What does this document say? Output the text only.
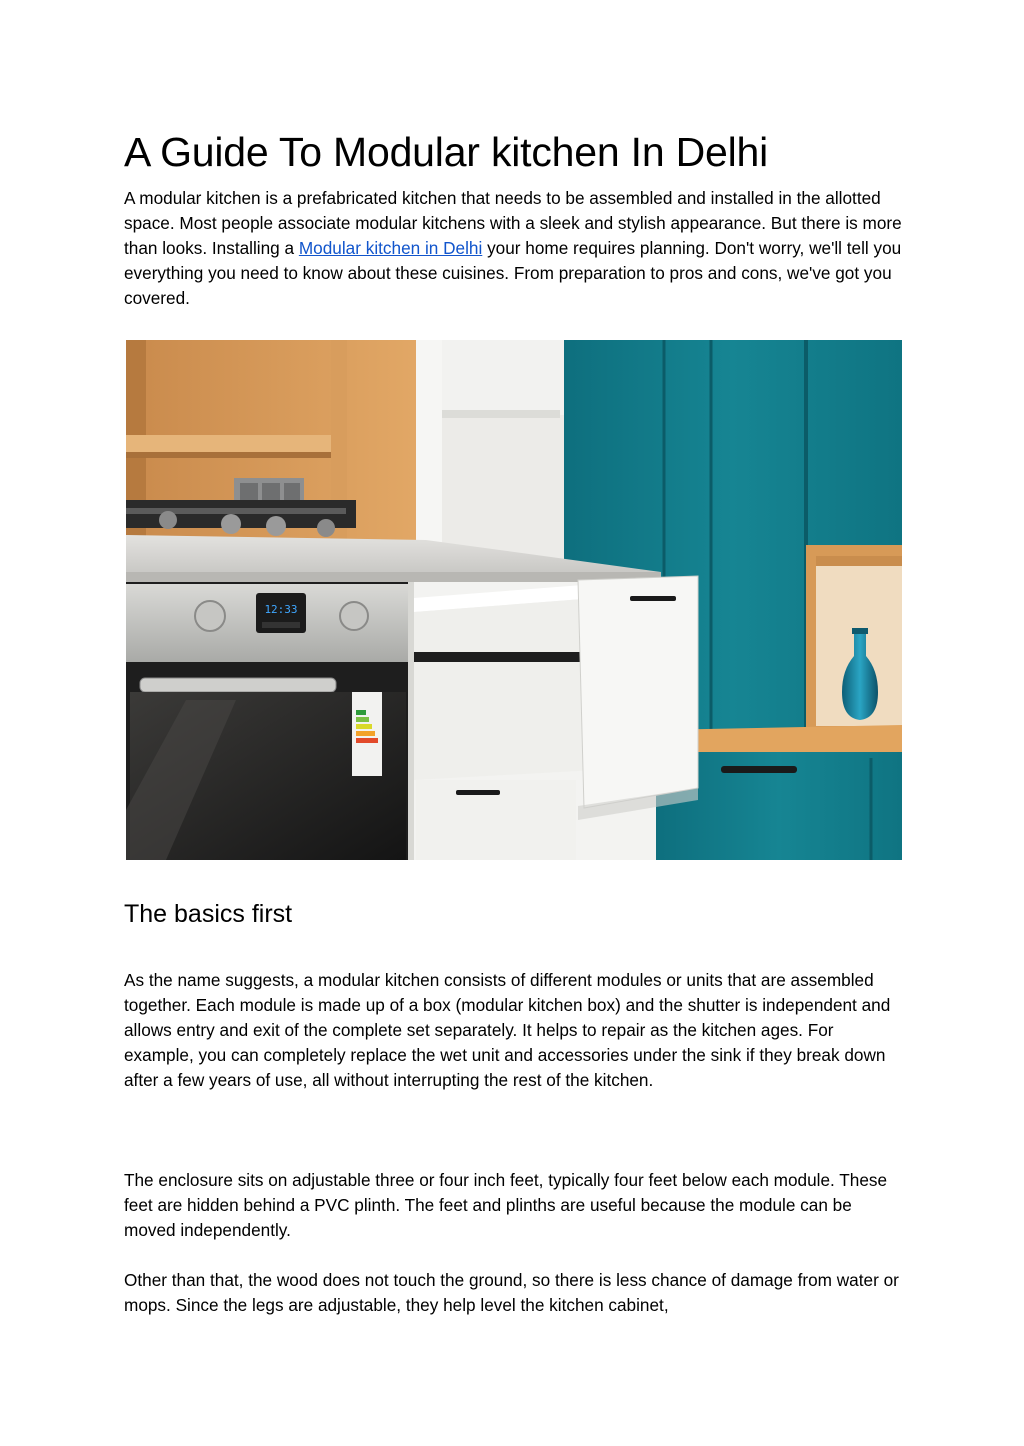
A Guide To Modular kitchen In Delhi

A modular kitchen is a prefabricated kitchen that needs to be assembled and installed in the allotted space. Most people associate modular kitchens with a sleek and stylish appearance. But there is more than looks. Installing a Modular kitchen in Delhi your home requires planning. Don't worry, we'll tell you everything you need to know about these cuisines. From preparation to pros and cons, we've got you covered.

12:33
The basics first

As the name suggests, a modular kitchen consists of different modules or units that are assembled together. Each module is made up of a box (modular kitchen box) and the shutter is independent and allows entry and exit of the complete set separately. It helps to repair as the kitchen ages. For example, you can completely replace the wet unit and accessories under the sink if they break down after a few years of use, all without interrupting the rest of the kitchen.

The enclosure sits on adjustable three or four inch feet, typically four feet below each module. These feet are hidden behind a PVC plinth. The feet and plinths are useful because the module can be moved independently.

Other than that, the wood does not touch the ground, so there is less chance of damage from water or mops. Since the legs are adjustable, they help level the kitchen cabinet,
